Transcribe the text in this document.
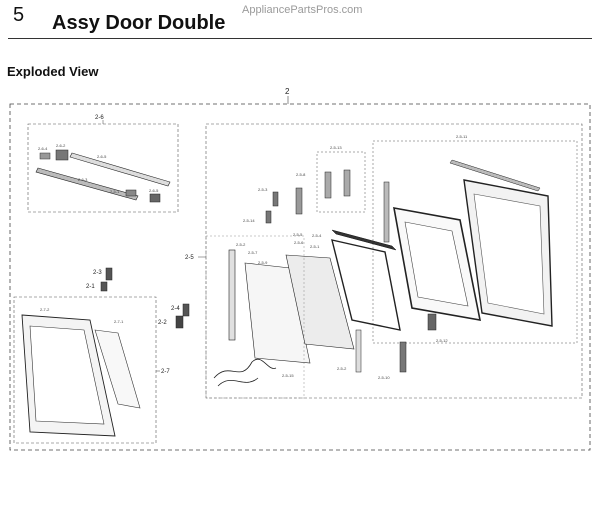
5 Assy Door Double
AppliancePartsPros.com
Exploded View
2
2-6
2-6-4
2-6-2
2-6-5
2-6-3
2-5-1	2-6-5
2-3
2-1
2-4
2-2
2-7
2-7-2
2-7-1
2-5
2-5-13
2-5-11
2-5-8
2-5-3
2-5-14
2-5-2
2-5-7
2-5-9
2-5-5
2-5-6
2-5-4
2-5-1
2-5-12
2-5-10
2-5-2
2-5-15
